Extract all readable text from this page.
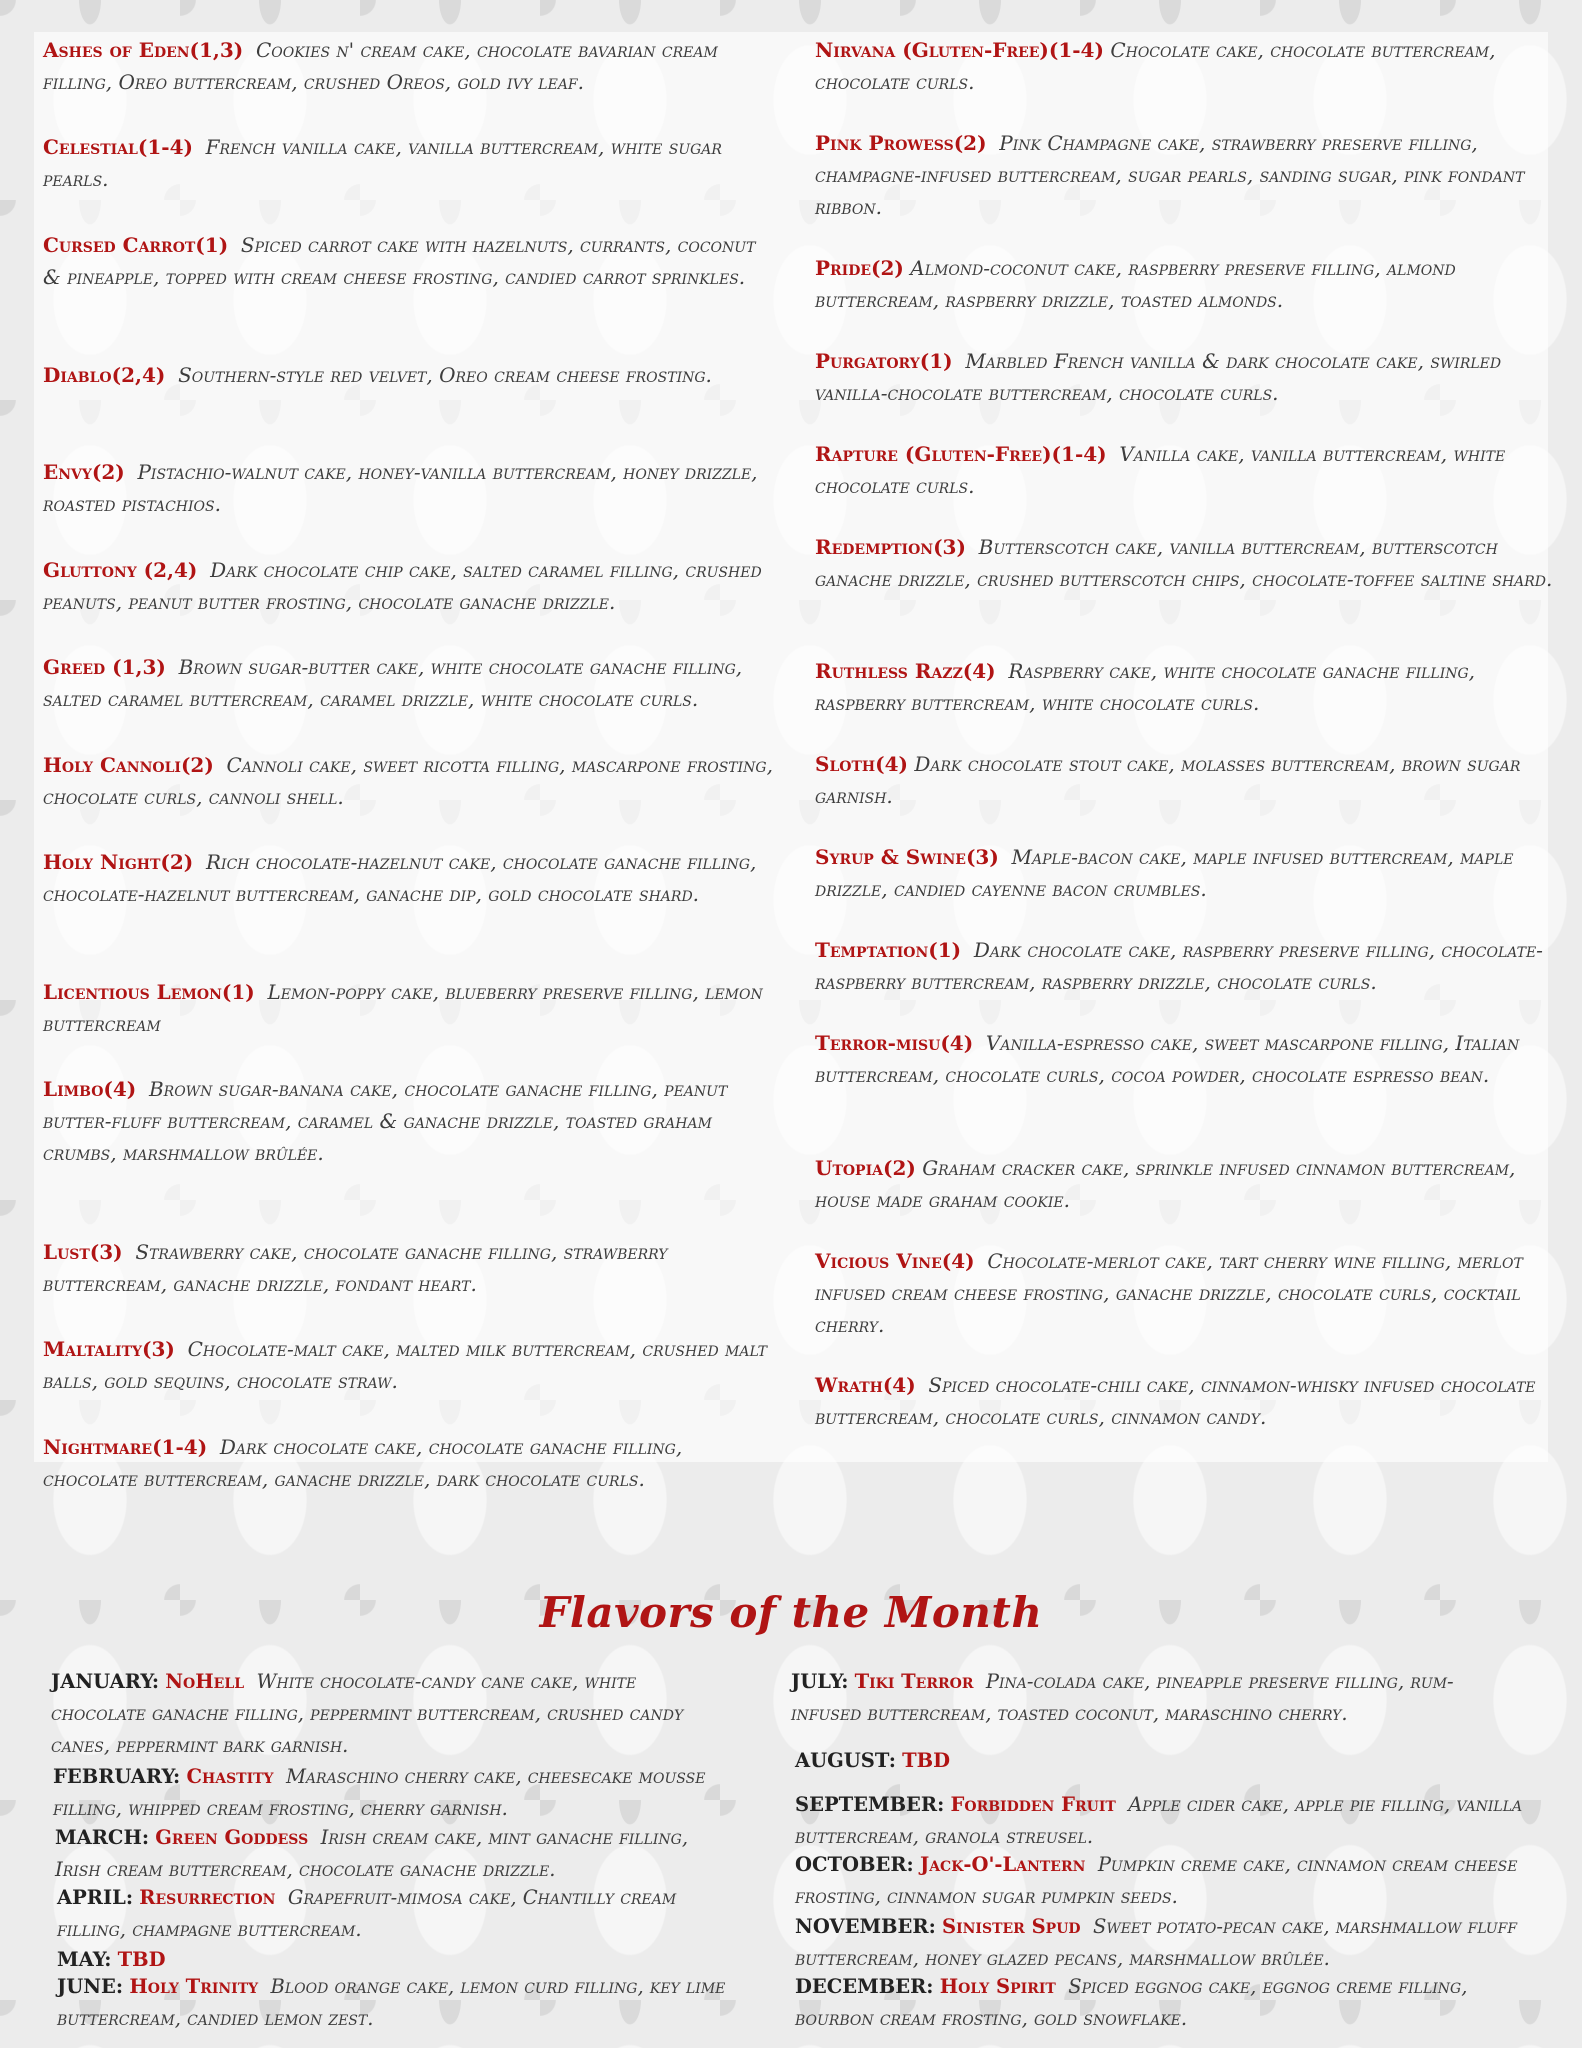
Ashes of Eden(1,3) Cookies n' cream cake, chocolate bavarian cream filling, Oreo buttercream, crushed Oreos, gold ivy leaf.
Celestial(1-4) French vanilla cake, vanilla buttercream, white sugar pearls.
Cursed Carrot(1) Spiced carrot cake with hazelnuts, currants, coconut & pineapple, topped with cream cheese frosting, candied carrot sprinkles.
Diablo(2,4) Southern-style red velvet, Oreo cream cheese frosting.
Envy(2) Pistachio-walnut cake, honey-vanilla buttercream, honey drizzle, roasted pistachios.
Gluttony (2,4) Dark chocolate chip cake, salted caramel filling, crushed peanuts, peanut butter frosting, chocolate ganache drizzle.
Greed (1,3) Brown sugar-butter cake, white chocolate ganache filling, salted caramel buttercream, caramel drizzle, white chocolate curls.
Holy Cannoli(2) Cannoli cake, sweet ricotta filling, mascarpone frosting, chocolate curls, cannoli shell.
Holy Night(2) Rich chocolate-hazelnut cake, chocolate ganache filling, chocolate-hazelnut buttercream, ganache dip, gold chocolate shard.
Licentious Lemon(1) Lemon-poppy cake, blueberry preserve filling, lemon buttercream
Limbo(4) Brown sugar-banana cake, chocolate ganache filling, peanut butter-fluff buttercream, caramel & ganache drizzle, toasted graham crumbs, marshmallow brûlée.
Lust(3) Strawberry cake, chocolate ganache filling, strawberry buttercream, ganache drizzle, fondant heart.
Maltality(3) Chocolate-malt cake, malted milk buttercream, crushed malt balls, gold sequins, chocolate straw.
Nightmare(1-4) Dark chocolate cake, chocolate ganache filling, chocolate buttercream, ganache drizzle, dark chocolate curls.
Nirvana (Gluten-Free)(1-4) Chocolate cake, chocolate buttercream, chocolate curls.
Pink Prowess(2) Pink Champagne cake, strawberry preserve filling, champagne-infused buttercream, sugar pearls, sanding sugar, pink fondant ribbon.
Pride(2) Almond-coconut cake, raspberry preserve filling, almond buttercream, raspberry drizzle, toasted almonds.
Purgatory(1) Marbled French vanilla & dark chocolate cake, swirled vanilla-chocolate buttercream, chocolate curls.
Rapture (Gluten-Free)(1-4) Vanilla cake, vanilla buttercream, white chocolate curls.
Redemption(3) Butterscotch cake, vanilla buttercream, butterscotch ganache drizzle, crushed butterscotch chips, chocolate-toffee saltine shard.
Ruthless Razz(4) Raspberry cake, white chocolate ganache filling, raspberry buttercream, white chocolate curls.
Sloth(4) Dark chocolate stout cake, molasses buttercream, brown sugar garnish.
Syrup & Swine(3) Maple-bacon cake, maple infused buttercream, maple drizzle, candied cayenne bacon crumbles.
Temptation(1) Dark chocolate cake, raspberry preserve filling, chocolate-raspberry buttercream, raspberry drizzle, chocolate curls.
Terror-misu(4) Vanilla-espresso cake, sweet mascarpone filling, Italian buttercream, chocolate curls, cocoa powder, chocolate espresso bean.
Utopia(2) Graham cracker cake, sprinkle infused cinnamon buttercream, house made graham cookie.
Vicious Vine(4) Chocolate-merlot cake, tart cherry wine filling, merlot infused cream cheese frosting, ganache drizzle, chocolate curls, cocktail cherry.
Wrath(4) Spiced chocolate-chili cake, cinnamon-whisky infused chocolate buttercream, chocolate curls, cinnamon candy.
Flavors of the Month
JANUARY: NoHell White chocolate-candy cane cake, white chocolate ganache filling, peppermint buttercream, crushed candy canes, peppermint bark garnish.
FEBRUARY: Chastity Maraschino cherry cake, cheesecake mousse filling, whipped cream frosting, cherry garnish.
MARCH: Green Goddess Irish cream cake, mint ganache filling, Irish cream buttercream, chocolate ganache drizzle.
APRIL: Resurrection Grapefruit-mimosa cake, Chantilly cream filling, champagne buttercream.
MAY: TBD
JUNE: Holy Trinity Blood orange cake, lemon curd filling, key lime buttercream, candied lemon zest.
JULY: Tiki Terror Pina-colada cake, pineapple preserve filling, rum-infused buttercream, toasted coconut, maraschino cherry.
AUGUST: TBD
SEPTEMBER: Forbidden Fruit Apple cider cake, apple pie filling, vanilla buttercream, granola streusel.
OCTOBER: Jack-O'-Lantern Pumpkin creme cake, cinnamon cream cheese frosting, cinnamon sugar pumpkin seeds.
NOVEMBER: Sinister Spud Sweet potato-pecan cake, marshmallow fluff buttercream, honey glazed pecans, marshmallow brûlée.
DECEMBER: Holy Spirit Spiced eggnog cake, eggnog creme filling, bourbon cream frosting, gold snowflake.
